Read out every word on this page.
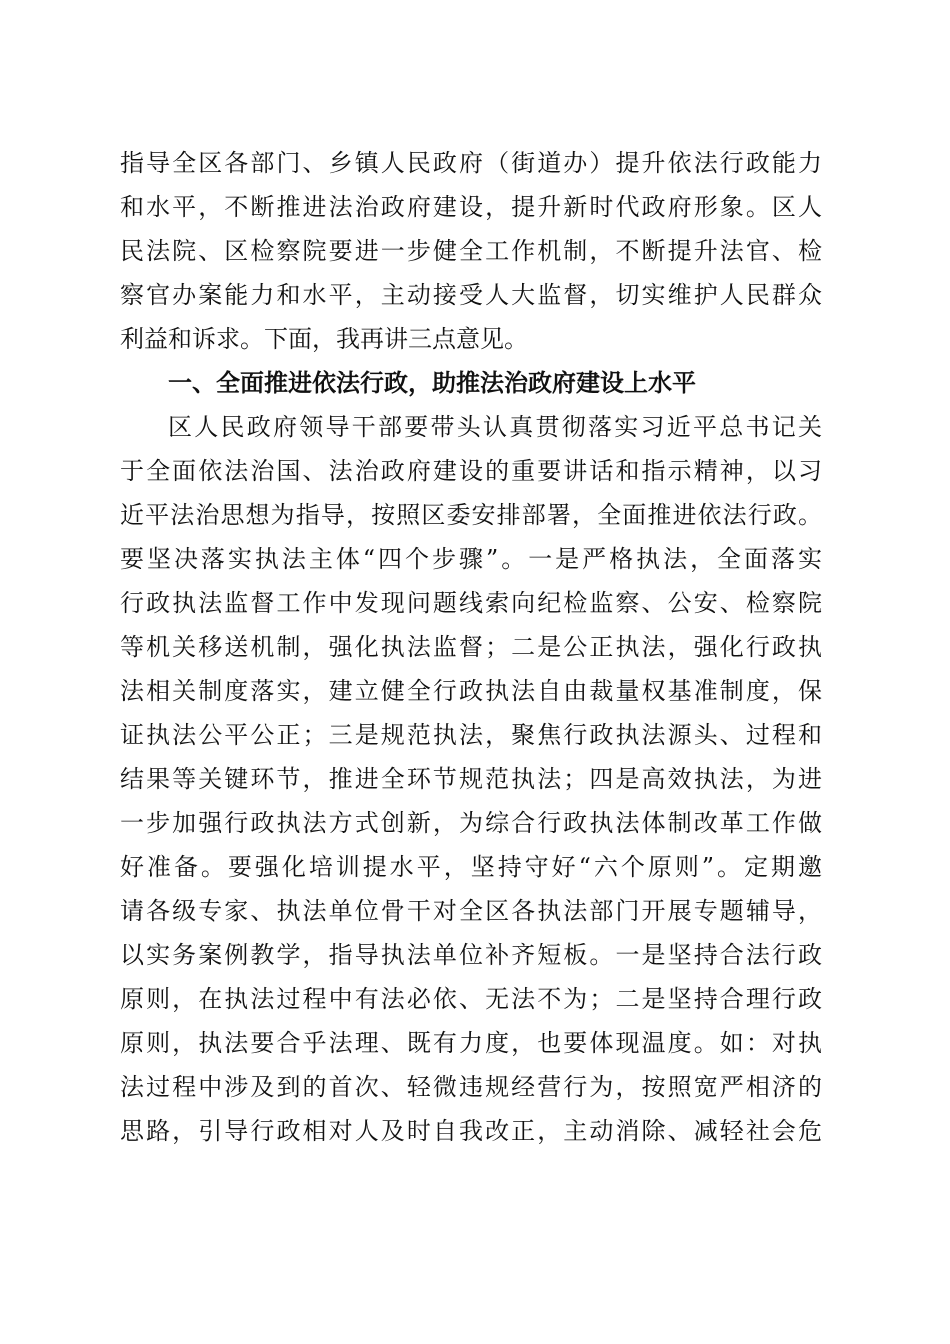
指导全区各部门、乡镇人民政府（街道办）提升依法行政能力
和水平，不断推进法治政府建设，提升新时代政府形象。区人
民法院、区检察院要进一步健全工作机制，不断提升法官、检
察官办案能力和水平，主动接受人大监督，切实维护人民群众
利益和诉求。下面，我再讲三点意见。
一、全面推进依法行政，助推法治政府建设上水平
区人民政府领导干部要带头认真贯彻落实习近平总书记关
于全面依法治国、法治政府建设的重要讲话和指示精神，以习
近平法治思想为指导，按照区委安排部署，全面推进依法行政。
要坚决落实执法主体“四个步骤”。一是严格执法，全面落实
行政执法监督工作中发现问题线索向纪检监察、公安、检察院
等机关移送机制，强化执法监督；二是公正执法，强化行政执
法相关制度落实，建立健全行政执法自由裁量权基准制度，保
证执法公平公正；三是规范执法，聚焦行政执法源头、过程和
结果等关键环节，推进全环节规范执法；四是高效执法，为进
一步加强行政执法方式创新，为综合行政执法体制改革工作做
好准备。要强化培训提水平，坚持守好“六个原则”。定期邀
请各级专家、执法单位骨干对全区各执法部门开展专题辅导，
以实务案例教学，指导执法单位补齐短板。一是坚持合法行政
原则，在执法过程中有法必依、无法不为；二是坚持合理行政
原则，执法要合乎法理、既有力度，也要体现温度。如：对执
法过程中涉及到的首次、轻微违规经营行为，按照宽严相济的
思路，引导行政相对人及时自我改正，主动消除、减轻社会危
